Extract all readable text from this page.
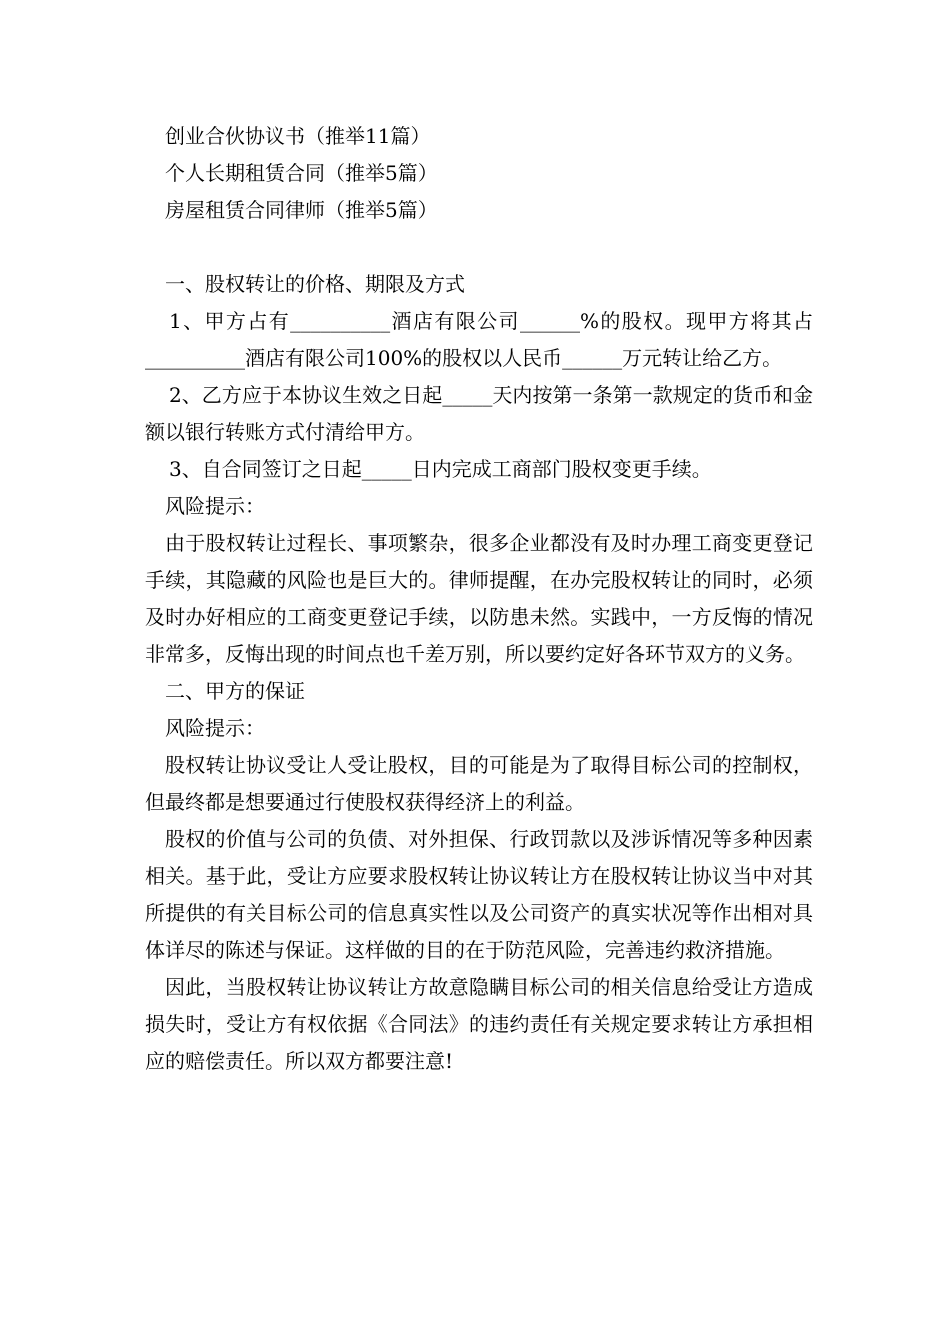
创业合伙协议书（推举11篇）

个人长期租赁合同（推举5篇）

房屋租赁合同律师（推举5篇）

一、股权转让的价格、期限及方式

1、甲方占有__________酒店有限公司______%的股权。现甲方将其占__________酒店有限公司100%的股权以人民币______万元转让给乙方。

2、乙方应于本协议生效之日起_____天内按第一条第一款规定的货币和金额以银行转账方式付清给甲方。

3、自合同签订之日起_____日内完成工商部门股权变更手续。

风险提示：

由于股权转让过程长、事项繁杂，很多企业都没有及时办理工商变更登记手续，其隐藏的风险也是巨大的。律师提醒，在办完股权转让的同时，必须及时办好相应的工商变更登记手续，以防患未然。实践中，一方反悔的情况非常多，反悔出现的时间点也千差万别，所以要约定好各环节双方的义务。

二、甲方的保证

风险提示：

股权转让协议受让人受让股权，目的可能是为了取得目标公司的控制权，但最终都是想要通过行使股权获得经济上的利益。

股权的价值与公司的负债、对外担保、行政罚款以及涉诉情况等多种因素相关。基于此，受让方应要求股权转让协议转让方在股权转让协议当中对其所提供的有关目标公司的信息真实性以及公司资产的真实状况等作出相对具体详尽的陈述与保证。这样做的目的在于防范风险，完善违约救济措施。

因此，当股权转让协议转让方故意隐瞒目标公司的相关信息给受让方造成损失时，受让方有权依据《合同法》的违约责任有关规定要求转让方承担相应的赔偿责任。所以双方都要注意!
